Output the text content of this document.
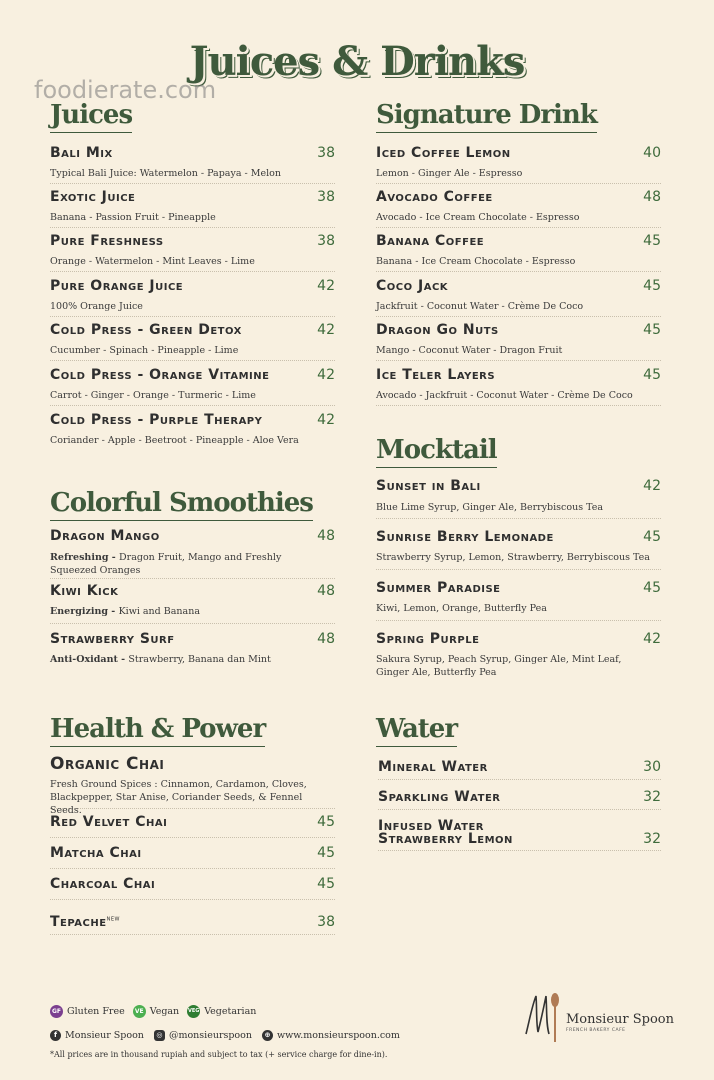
Juices & Drinks
foodierate.com
Juices
Bali Mix	38
Typical Bali Juice: Watermelon - Papaya - Melon
Exotic Juice	38
Banana - Passion Fruit - Pineapple
Pure Freshness	38
Orange - Watermelon - Mint Leaves - Lime
Pure Orange Juice	42
100% Orange Juice
Cold Press - Green Detox	42
Cucumber - Spinach - Pineapple - Lime
Cold Press - Orange Vitamine	42
Carrot - Ginger - Orange - Turmeric - Lime
Cold Press - Purple Therapy	42
Coriander - Apple - Beetroot - Pineapple - Aloe Vera
Signature Drink
Iced Coffee Lemon	40
Lemon - Ginger Ale - Espresso
Avocado Coffee	48
Avocado - Ice Cream Chocolate - Espresso
Banana Coffee	45
Banana - Ice Cream Chocolate - Espresso
Coco Jack	45
Jackfruit - Coconut Water - Crème De Coco
Dragon Go Nuts	45
Mango - Coconut Water - Dragon Fruit
Ice Teler Layers	45
Avocado - Jackfruit - Coconut Water - Crème De Coco
Colorful Smoothies
Dragon Mango	48
Refreshing - Dragon Fruit, Mango and Freshly Squeezed Oranges
Kiwi Kick	48
Energizing - Kiwi and Banana
Strawberry Surf	48
Anti-Oxidant - Strawberry, Banana dan Mint
Mocktail
Sunset in Bali	42
Blue Lime Syrup, Ginger Ale, Berrybiscous Tea
Sunrise Berry Lemonade	45
Strawberry Syrup, Lemon, Strawberry, Berrybiscous Tea
Summer Paradise	45
Kiwi, Lemon, Orange, Butterfly Pea
Spring Purple	42
Sakura Syrup, Peach Syrup, Ginger Ale, Mint Leaf, Ginger Ale, Butterfly Pea
Health & Power
Organic Chai
Fresh Ground Spices : Cinnamon, Cardamon, Cloves, Blackpepper, Star Anise, Coriander Seeds, & Fennel Seeds.
Red Velvet Chai	45
Matcha Chai	45
Charcoal Chai	45
Tepache$^{NEW}$	38
Water
Mineral Water	30
Sparkling Water	32
Infused Water
Strawberry Lemon	32
GF Gluten Free	VE Vegan VEG Vegetarian
f Monsieur Spoon	◎ @monsieurspoon	⊕ www.monsieurspoon.com
*All prices are in thousand rupiah and subject to tax (+ service charge for dine-in).
Monsieur Spoon
FRENCH BAKERY CAFE
